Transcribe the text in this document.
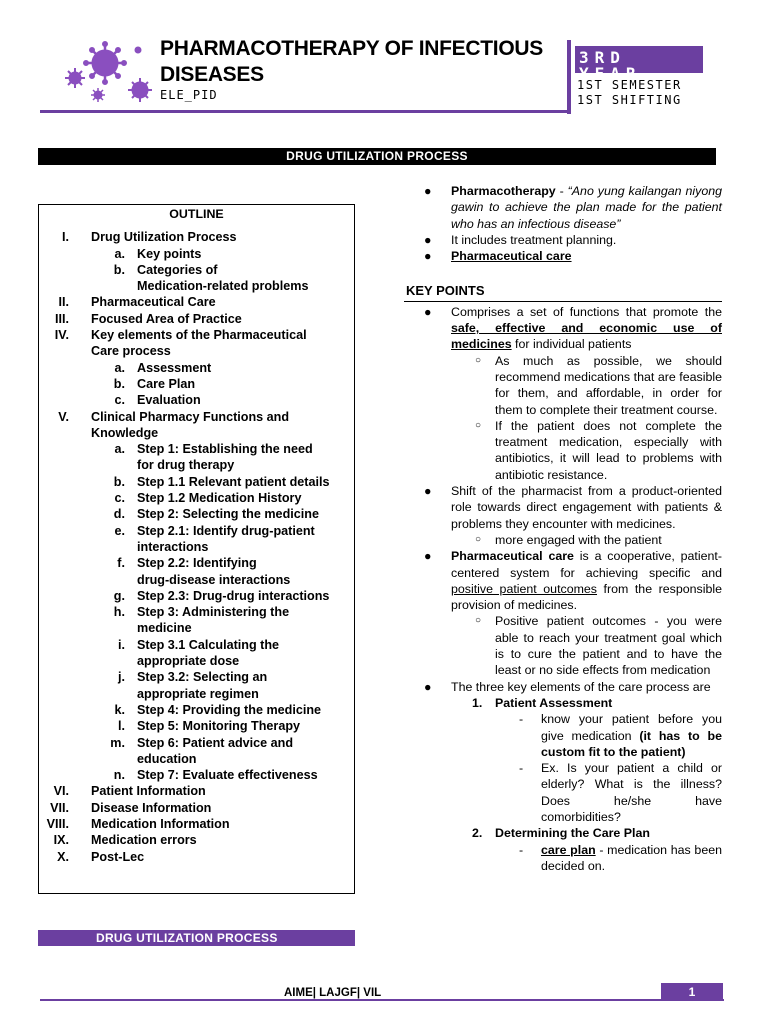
PHARMACOTHERAPY OF INFECTIOUS
DISEASES
ELE_PID
3RD YEAR
1ST SEMESTER
1ST SHIFTING
DRUG UTILIZATION PROCESS
OUTLINE
I. Drug Utilization Process
a. Key points
b. Categories of
Medication-related problems
II. Pharmaceutical Care
III. Focused Area of Practice
IV. Key elements of the Pharmaceutical
Care process
a. Assessment
b. Care Plan
c. Evaluation
V. Clinical Pharmacy Functions and
Knowledge
a. Step 1: Establishing the need
for drug therapy
b. Step 1.1 Relevant patient details
c. Step 1.2 Medication History
d. Step 2: Selecting the medicine
e. Step 2.1: Identify drug-patient
interactions
f. Step 2.2: Identifying
drug-disease interactions
g. Step 2.3: Drug-drug interactions
h. Step 3: Administering the
medicine
i. Step 3.1 Calculating the
appropriate dose
j. Step 3.2: Selecting an
appropriate regimen
k. Step 4: Providing the medicine
l. Step 5: Monitoring Therapy
m. Step 6: Patient advice and
education
n. Step 7: Evaluate effectiveness
VI. Patient Information
VII. Disease Information
VIII. Medication Information
IX. Medication errors
X. Post-Lec
DRUG UTILIZATION PROCESS
● Pharmacotherapy - “Ano yung kailangan niyong gawin to achieve the plan made for the patient who has an infectious disease”
● It includes treatment planning.
● Pharmaceutical care
KEY POINTS
● Comprises a set of functions that promote the safe, effective and economic use of medicines for individual patients
○ As much as possible, we should recommend medications that are feasible for them, and affordable, in order for them to complete their treatment course.
○ If the patient does not complete the treatment medication, especially with antibiotics, it will lead to problems with antibiotic resistance.
● Shift of the pharmacist from a product-oriented role towards direct engagement with patients & problems they encounter with medicines.
○ more engaged with the patient
● Pharmaceutical care is a cooperative, patient-centered system for achieving specific and positive patient outcomes from the responsible provision of medicines.
○ Positive patient outcomes - you were able to reach your treatment goal which is to cure the patient and to have the least or no side effects from medication
● The three key elements of the care process are
1. Patient Assessment
- know your patient before you give medication (it has to be custom fit to the patient)
- Ex. Is your patient a child or elderly? What is the illness? Does he/she have comorbidities?
2. Determining the Care Plan
- care plan - medication has been decided on.
AIME| LAJGF| VIL	1
